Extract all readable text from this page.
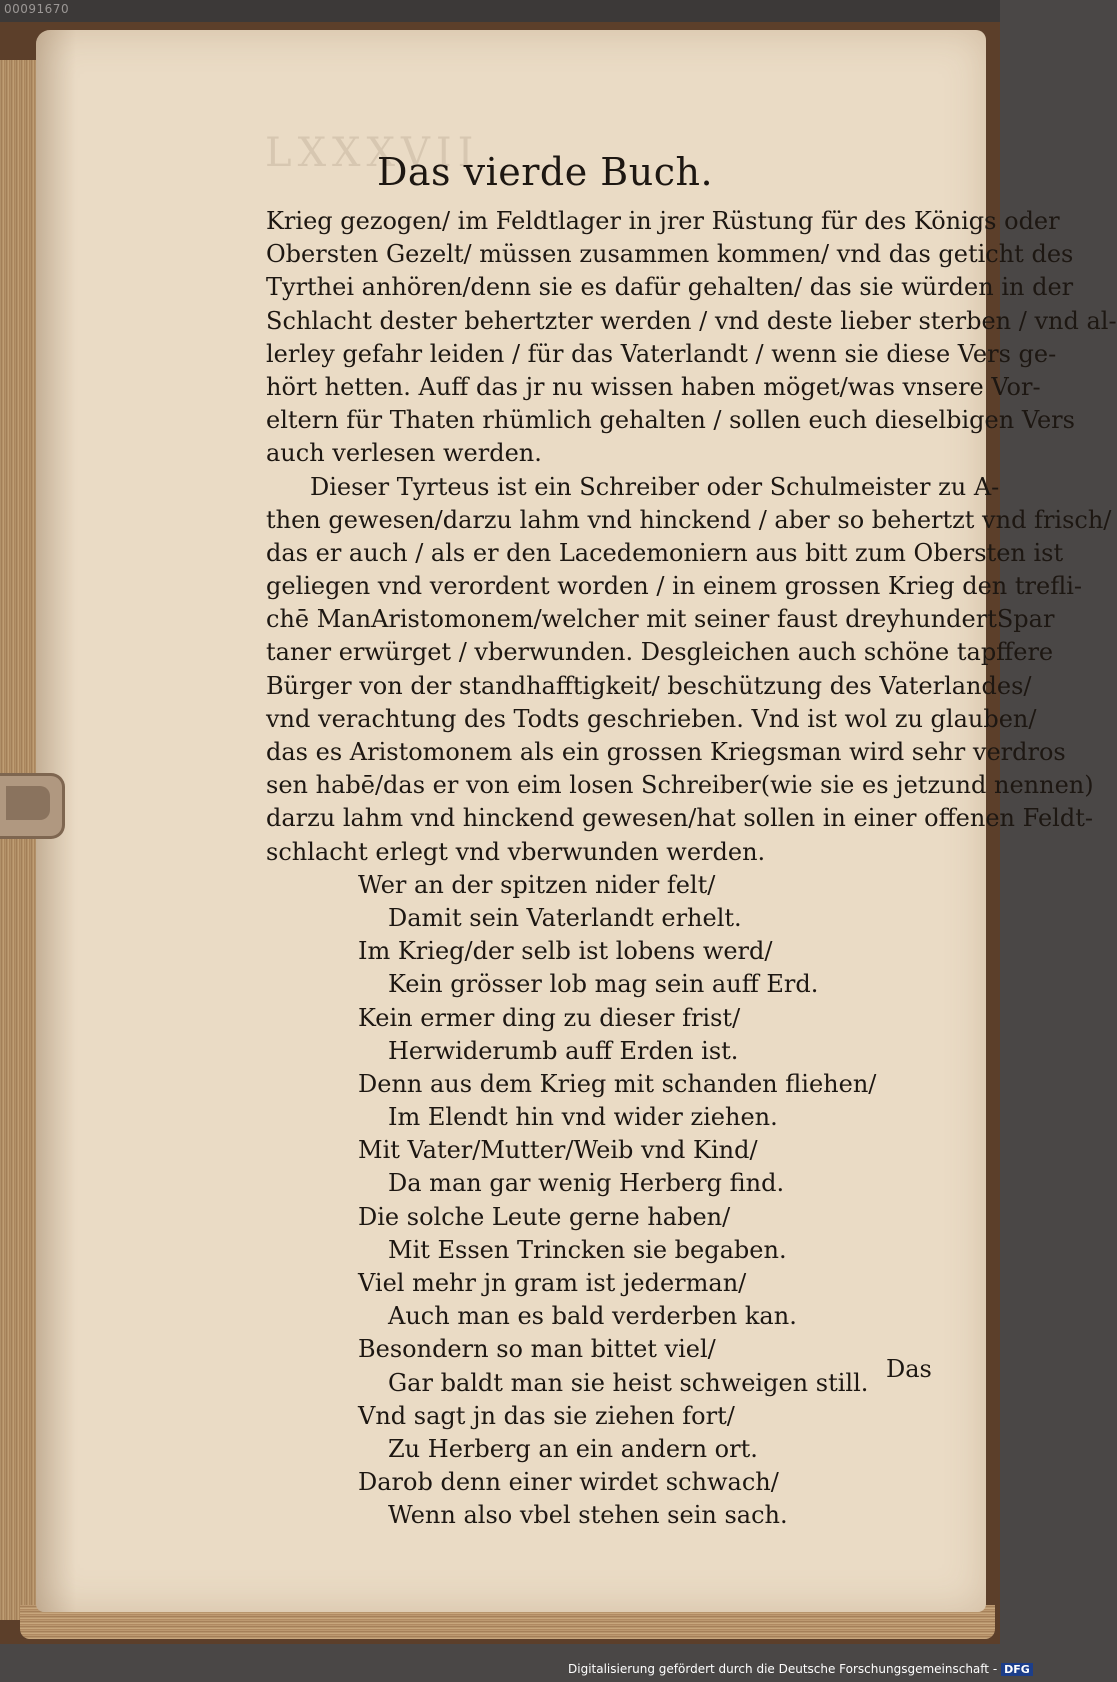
00091670
LXXXVII
Das vierde Buch.
Krieg gezogen/ im Feldtlager in jrer Rüstung für des Königs oder
Obersten Gezelt/ müssen zusammen kommen/ vnd das geticht des
Tyrthei anhören/denn sie es dafür gehalten/ das sie würden in der
Schlacht dester behertzter werden / vnd deste lieber sterben / vnd al-
lerley gefahr leiden / für das Vaterlandt / wenn sie diese Vers ge-
hört hetten. Auff das jr nu wissen haben möget/was vnsere Vor-
eltern für Thaten rhümlich gehalten / sollen euch dieselbigen Vers
auch verlesen werden.
Dieser Tyrteus ist ein Schreiber oder Schulmeister zu A-
then gewesen/darzu lahm vnd hinckend / aber so behertzt vnd frisch/
das er auch / als er den Lacedemoniern aus bitt zum Obersten ist
geliegen vnd verordent worden / in einem grossen Krieg den trefli-
chē ManAristomonem/welcher mit seiner faust dreyhundertSpar
taner erwürget / vberwunden. Desgleichen auch schöne tapffere
Bürger von der standhafftigkeit/ beschützung des Vaterlandes/
vnd verachtung des Todts geschrieben. Vnd ist wol zu glauben/
das es Aristomonem als ein grossen Kriegsman wird sehr verdros
sen habē/das er von eim losen Schreiber(wie sie es jetzund nennen)
darzu lahm vnd hinckend gewesen/hat sollen in einer offenen Feldt-
schlacht erlegt vnd vberwunden werden.
Wer an der spitzen nider felt/
Damit sein Vaterlandt erhelt.
Im Krieg/der selb ist lobens werd/
Kein grösser lob mag sein auff Erd.
Kein ermer ding zu dieser frist/
Herwiderumb auff Erden ist.
Denn aus dem Krieg mit schanden fliehen/
Im Elendt hin vnd wider ziehen.
Mit Vater/Mutter/Weib vnd Kind/
Da man gar wenig Herberg find.
Die solche Leute gerne haben/
Mit Essen Trincken sie begaben.
Viel mehr jn gram ist jederman/
Auch man es bald verderben kan.
Besondern so man bittet viel/
Gar baldt man sie heist schweigen still.
Vnd sagt jn das sie ziehen fort/
Zu Herberg an ein andern ort.
Darob denn einer wirdet schwach/
Wenn also vbel stehen sein sach.
Das
Digitalisierung gefördert durch die Deutsche Forschungsgemeinschaft - DFG
